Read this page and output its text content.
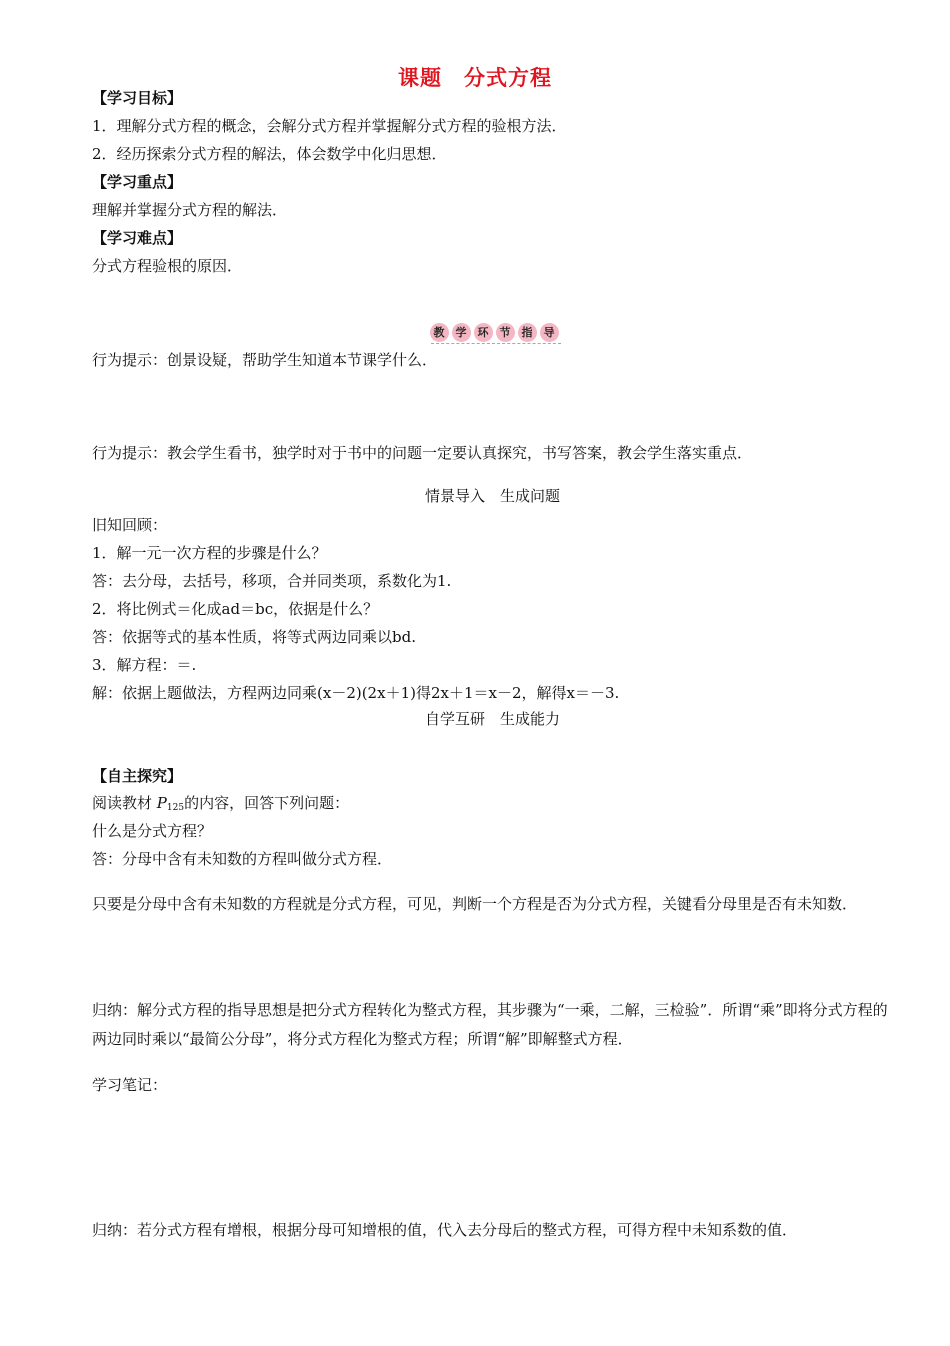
课题 分式方程
【学习目标】
1．理解分式方程的概念，会解分式方程并掌握解分式方程的验根方法．
2．经历探索分式方程的解法，体会数学中化归思想．
【学习重点】
理解并掌握分式方程的解法．
【学习难点】
分式方程验根的原因．
教	学	环	节	指	导
行为提示：创景设疑，帮助学生知道本节课学什么．
行为提示：教会学生看书，独学时对于书中的问题一定要认真探究，书写答案，教会学生落实重点．
情景导入　生成问题
旧知回顾：
1．解一元一次方程的步骤是什么？
答：去分母，去括号，移项，合并同类项，系数化为1.
2．将比例式＝化成ad＝bc，依据是什么？
答：依据等式的基本性质，将等式两边同乘以bd.
3．解方程：＝.
解：依据上题做法，方程两边同乘(x－2)(2x＋1)得2x＋1＝x－2，解得x＝－3.
自学互研　生成能力
【自主探究】
阅读教材 $P_{125}$的内容，回答下列问题：
什么是分式方程？
答：分母中含有未知数的方程叫做分式方程．
只要是分母中含有未知数的方程就是分式方程，可见，判断一个方程是否为分式方程，关键看分母里是否有未知数．
归纳：解分式方程的指导思想是把分式方程转化为整式方程，其步骤为“一乘，二解，三检验”．所谓“乘”即将分式方程的两边同时乘以“最简公分母”，将分式方程化为整式方程；所谓“解”即解整式方程．
学习笔记：
归纳：若分式方程有增根，根据分母可知增根的值，代入去分母后的整式方程，可得方程中未知系数的值．
